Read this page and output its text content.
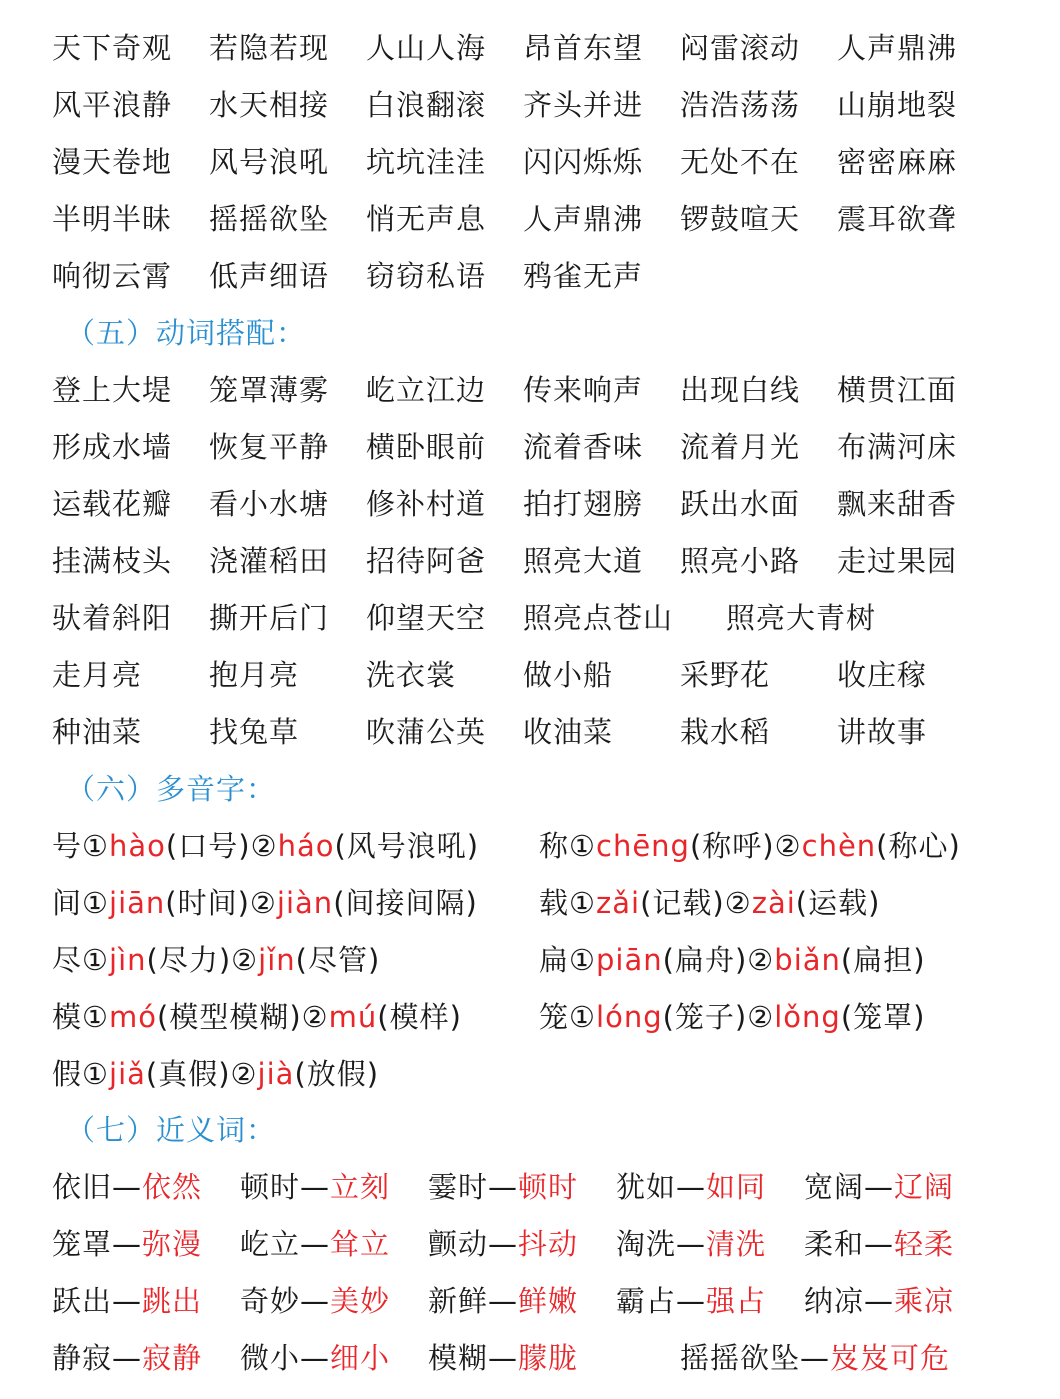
天下奇观 若隐若现 人山人海 昂首东望 闷雷滚动 人声鼎沸
风平浪静 水天相接 白浪翻滚 齐头并进 浩浩荡荡 山崩地裂
漫天卷地 风号浪吼 坑坑洼洼 闪闪烁烁 无处不在 密密麻麻
半明半昧 摇摇欲坠 悄无声息 人声鼎沸 锣鼓喧天 震耳欲聋
响彻云霄 低声细语 窃窃私语 鸦雀无声
（五）动词搭配：
登上大堤 笼罩薄雾 屹立江边 传来响声 出现白线 横贯江面
形成水墙 恢复平静 横卧眼前 流着香味 流着月光 布满河床
运载花瓣 看小水塘 修补村道 拍打翅膀 跃出水面 飘来甜香
挂满枝头 浇灌稻田 招待阿爸 照亮大道 照亮小路 走过果园
驮着斜阳 撕开后门 仰望天空 照亮点苍山 照亮大青树
走月亮 抱月亮 洗衣裳 做小船 采野花 收庄稼
种油菜 找兔草 吹蒲公英 收油菜 栽水稻 讲故事
（六）多音字：
号①hào(口号)②háo(风号浪吼) 称①chēng(称呼)②chèn(称心)
间①jiān(时间)②jiàn(间接间隔) 载①zǎi(记载)②zài(运载)
尽①jìn(尽力)②jǐn(尽管)	扁①piān(扁舟)②biǎn(扁担)
模①mó(模型模糊)②mú(模样)	笼①lóng(笼子)②lǒng(笼罩)
假①jiǎ(真假)②jià(放假)
（七）近义词：
依旧—依然 顿时—立刻 霎时—顿时 犹如—如同 宽阔—辽阔
笼罩—弥漫 屹立—耸立 颤动—抖动 淘洗—清洗 柔和—轻柔
跃出—跳出 奇妙—美妙 新鲜—鲜嫩 霸占—强占 纳凉—乘凉
静寂—寂静 微小—细小 模糊—朦胧	摇摇欲坠—岌岌可危
